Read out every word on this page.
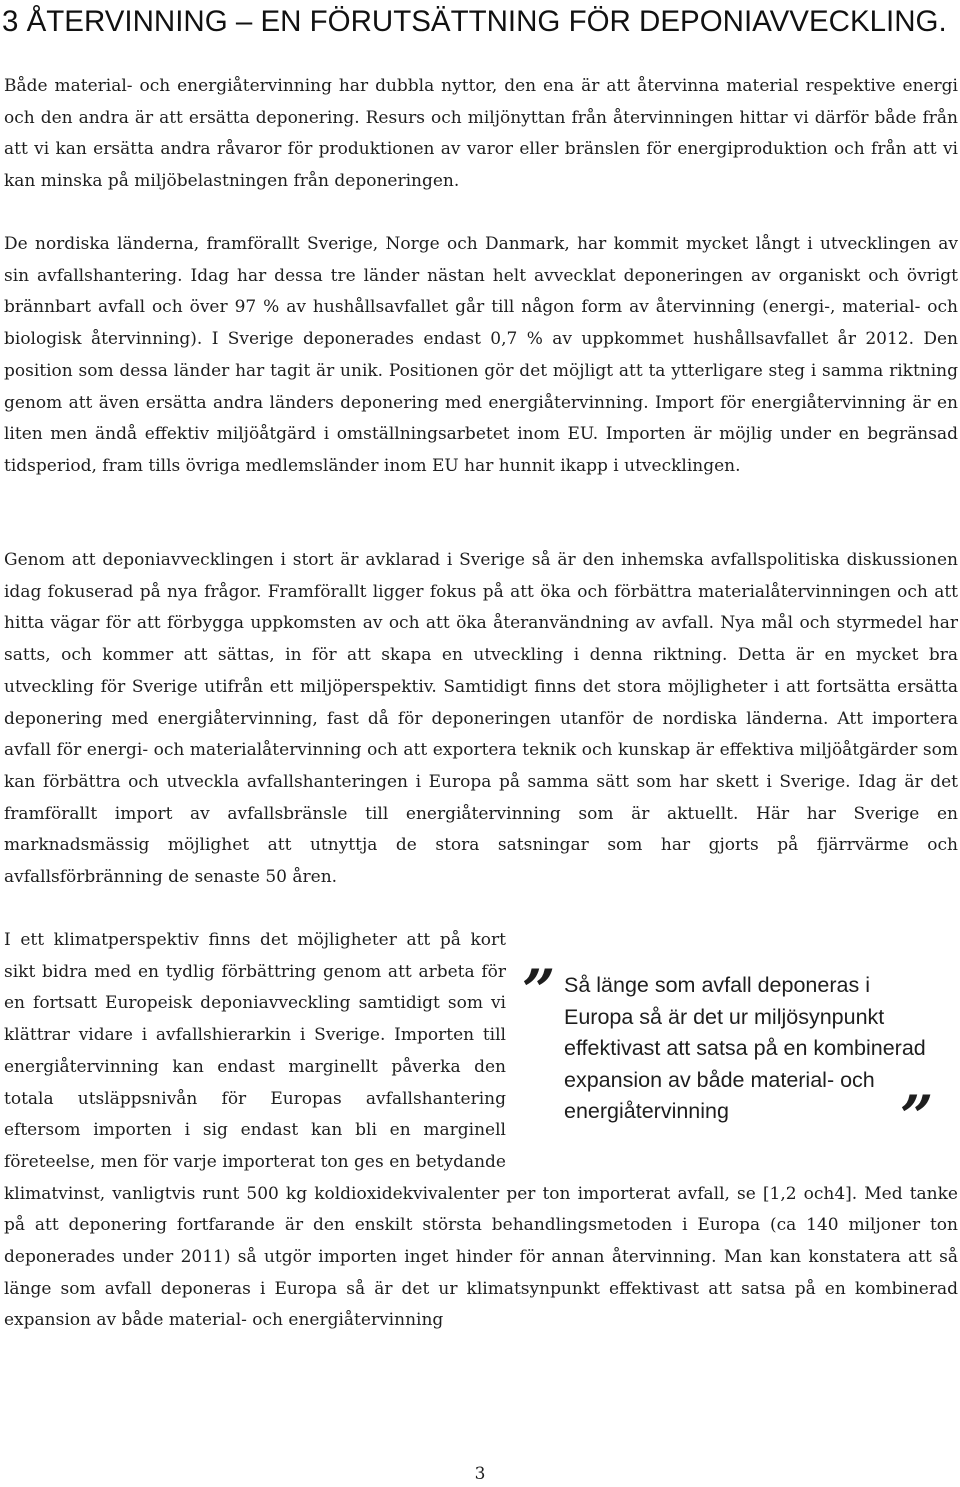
3 ÅTERVINNING – EN FÖRUTSÄTTNING FÖR DEPONIAVVECKLING.

Både material- och energiåtervinning har dubbla nyttor, den ena är att återvinna material respektive energi och den andra är att ersätta deponering. Resurs och miljönyttan från återvinningen hittar vi därför både från att vi kan ersätta andra råvaror för produktionen av varor eller bränslen för energiproduktion och från att vi kan minska på miljöbelastningen från deponeringen.

De nordiska länderna, framförallt Sverige, Norge och Danmark, har kommit mycket långt i utvecklingen av sin avfallshantering. Idag har dessa tre länder nästan helt avvecklat deponeringen av organiskt och övrigt brännbart avfall och över 97 % av hushållsavfallet går till någon form av återvinning (energi-, material- och biologisk återvinning). I Sverige deponerades endast 0,7 % av uppkommet hushållsavfallet år 2012. Den position som dessa länder har tagit är unik. Positionen gör det möjligt att ta ytterligare steg i samma riktning genom att även ersätta andra länders deponering med energiåtervinning. Import för energiåtervinning är en liten men ändå effektiv miljöåtgärd i omställningsarbetet inom EU. Importen är möjlig under en begränsad tidsperiod, fram tills övriga medlemsländer inom EU har hunnit ikapp i utvecklingen.

Genom att deponiavvecklingen i stort är avklarad i Sverige så är den inhemska avfallspolitiska diskussionen idag fokuserad på nya frågor. Framförallt ligger fokus på att öka och förbättra materialåtervinningen och att hitta vägar för att förbygga uppkomsten av och att öka återanvändning av avfall. Nya mål och styrmedel har satts, och kommer att sättas, in för att skapa en utveckling i denna riktning. Detta är en mycket bra utveckling för Sverige utifrån ett miljöperspektiv. Samtidigt finns det stora möjligheter i att fortsätta ersätta deponering med energiåtervinning, fast då för deponeringen utanför de nordiska länderna. Att importera avfall för energi- och materialåtervinning och att exportera teknik och kunskap är effektiva miljöåtgärder som kan förbättra och utveckla avfallshanteringen i Europa på samma sätt som har skett i Sverige. Idag är det framförallt import av avfallsbränsle till energiåtervinning som är aktuellt. Här har Sverige en marknadsmässig möjlighet att utnyttja de stora satsningar som har gjorts på fjärrvärme och avfallsförbränning de senaste 50 åren.

I ett klimatperspektiv finns det möjligheter att på kort sikt bidra med en tydlig förbättring genom att arbeta för en fortsatt Europeisk deponiavveckling samtidigt som vi klättrar vidare i avfallshierarkin i Sverige. Importen till energiåtervinning kan endast marginellt påverka den totala utsläppsnivån för Europas avfallshantering eftersom importen i sig endast kan bli en marginell företeelse, men för varje importerat ton ges en betydande klimatvinst, vanligtvis runt 500 kg koldioxidekvivalenter per ton importerat avfall, se [1,2 och4]. Med tanke på att deponering fortfarande är den enskilt största behandlingsmetoden i Europa (ca 140 miljoner ton deponerades under 2011) så utgör importen inget hinder för annan återvinning. Man kan konstatera att så länge som avfall deponeras i Europa så är det ur klimatsynpunkt effektivast att satsa på en kombinerad expansion av både material- och energiåtervinning
” Så länge som avfall deponeras i Europa så är det ur miljösynpunkt effektivast att satsa på en kombinerad expansion av både material- och energiåtervinning	”
3
